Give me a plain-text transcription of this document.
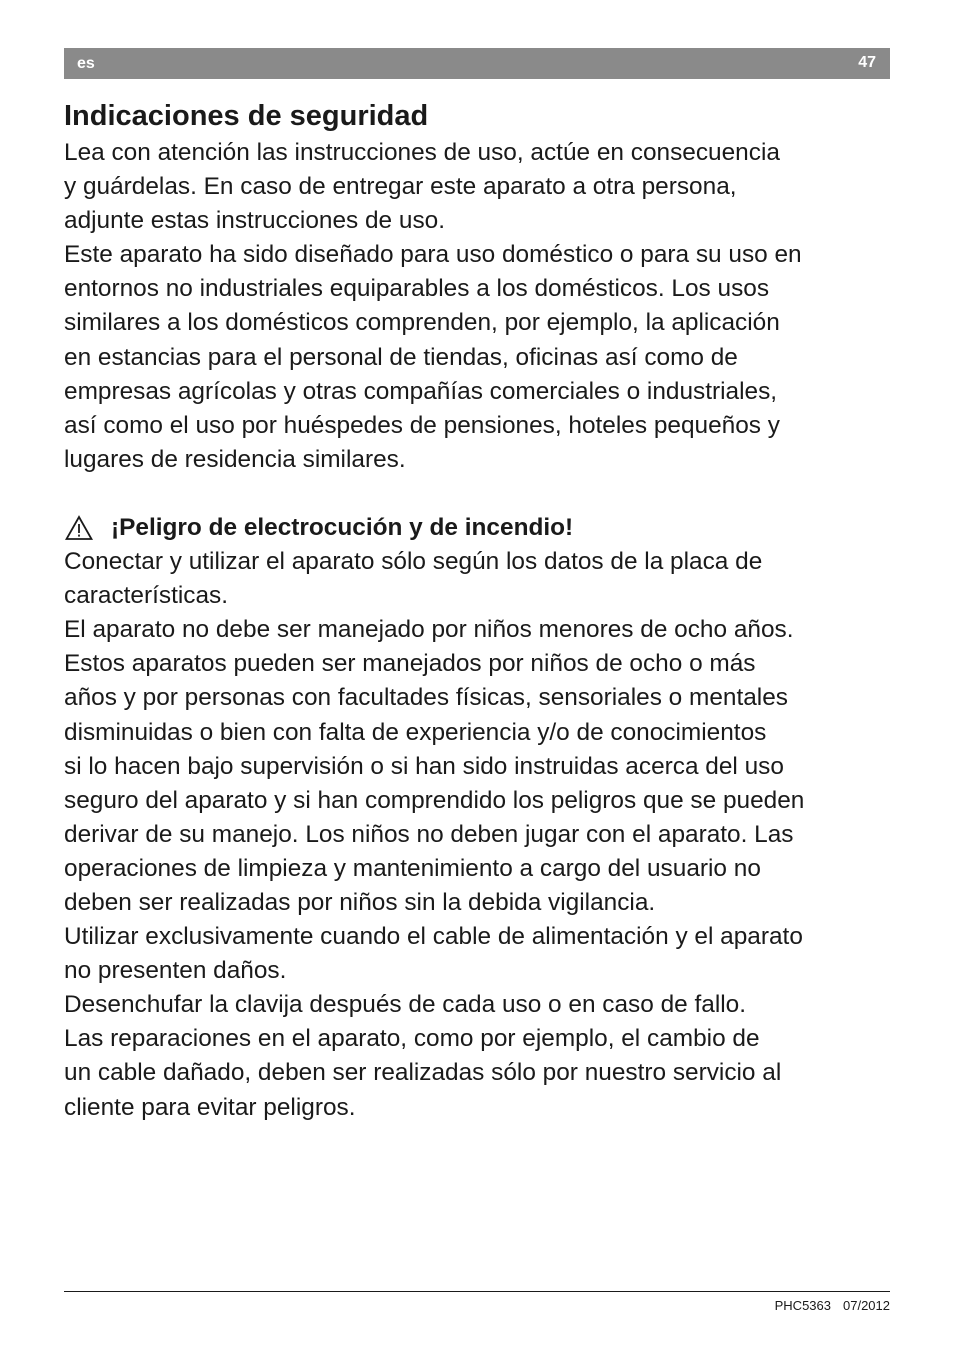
es	47
Indicaciones de seguridad
Lea con atención las instrucciones de uso, actúe en consecuencia
y guárdelas. En caso de entregar este aparato a otra persona,
adjunte estas instrucciones de uso.
Este aparato ha sido diseñado para uso doméstico o para su uso en
entornos no industriales equiparables a los domésticos. Los usos
similares a los domésticos comprenden, por ejemplo, la aplicación
en estancias para el personal de tiendas, oficinas así como de
empresas agrícolas y otras compañías comerciales o industriales,
así como el uso por huéspedes de pensiones, hoteles pequeños y
lugares de residencia similares.
¡Peligro de electrocución y de incendio!
Conectar y utilizar el aparato sólo según los datos de la placa de
características.
El aparato no debe ser manejado por niños menores de ocho años.
Estos aparatos pueden ser manejados por niños de ocho o más
años y por personas con facultades físicas, sensoriales o mentales
disminuidas o bien con falta de experiencia y/o de conocimientos
si lo hacen bajo supervisión o si han sido instruidas acerca del uso
seguro del aparato y si han comprendido los peligros que se pueden
derivar de su manejo. Los niños no deben jugar con el aparato. Las
operaciones de limpieza y mantenimiento a cargo del usuario no
deben ser realizadas por niños sin la debida vigilancia.
Utilizar exclusivamente cuando el cable de alimentación y el aparato
no presenten daños.
Desenchufar la clavija después de cada uso o en caso de fallo.
Las reparaciones en el aparato, como por ejemplo, el cambio de
un cable dañado, deben ser realizadas sólo por nuestro servicio al
cliente para evitar peligros.
PHC5363 07/2012
